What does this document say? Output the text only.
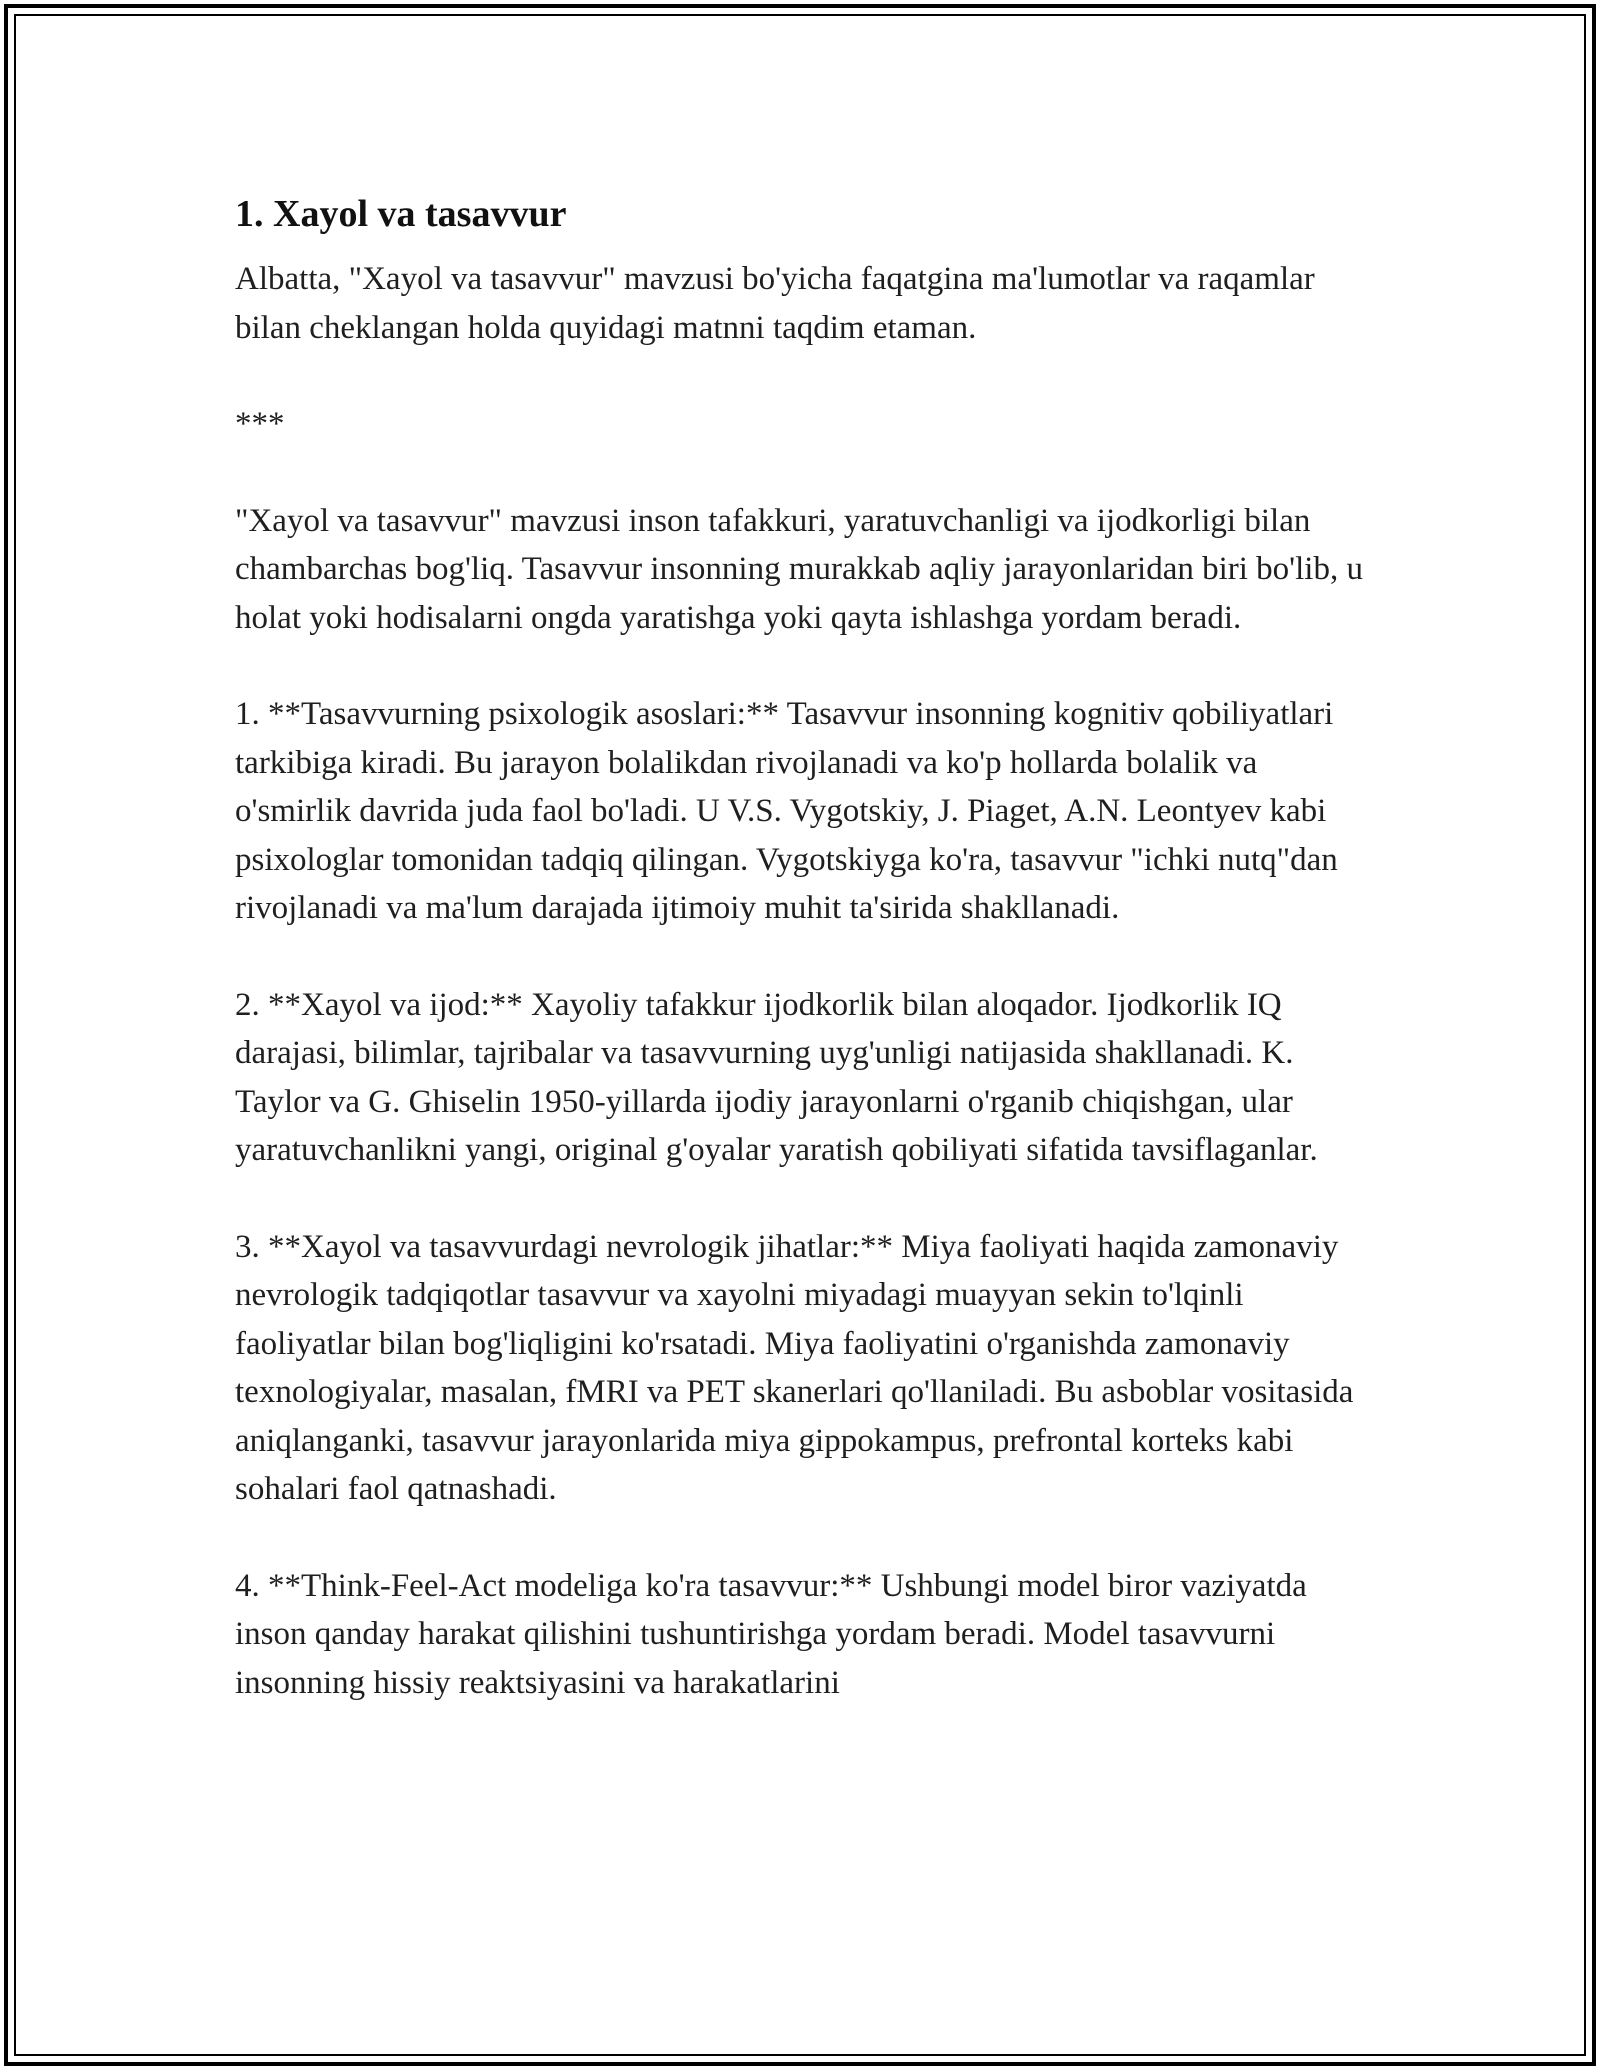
1. Xayol va tasavvur

Albatta, "Xayol va tasavvur" mavzusi bo'yicha faqatgina ma'lumotlar va raqamlar bilan cheklangan holda quyidagi matnni taqdim etaman.

***

"Xayol va tasavvur" mavzusi inson tafakkuri, yaratuvchanligi va ijodkorligi bilan chambarchas bog'liq. Tasavvur insonning murakkab aqliy jarayonlaridan biri bo'lib, u holat yoki hodisalarni ongda yaratishga yoki qayta ishlashga yordam beradi.

1. **Tasavvurning psixologik asoslari:** Tasavvur insonning kognitiv qobiliyatlari tarkibiga kiradi. Bu jarayon bolalikdan rivojlanadi va ko'p hollarda bolalik va o'smirlik davrida juda faol bo'ladi. U V.S. Vygotskiy, J. Piaget, A.N. Leontyev kabi psixologlar tomonidan tadqiq qilingan. Vygotskiyga ko'ra, tasavvur "ichki nutq"dan rivojlanadi va ma'lum darajada ijtimoiy muhit ta'sirida shakllanadi.

2. **Xayol va ijod:** Xayoliy tafakkur ijodkorlik bilan aloqador. Ijodkorlik IQ darajasi, bilimlar, tajribalar va tasavvurning uyg'unligi natijasida shakllanadi. K. Taylor va G. Ghiselin 1950-yillarda ijodiy jarayonlarni o'rganib chiqishgan, ular yaratuvchanlikni yangi, original g'oyalar yaratish qobiliyati sifatida tavsiflaganlar.

3. **Xayol va tasavvurdagi nevrologik jihatlar:** Miya faoliyati haqida zamonaviy nevrologik tadqiqotlar tasavvur va xayolni miyadagi muayyan sekin to'lqinli faoliyatlar bilan bog'liqligini ko'rsatadi. Miya faoliyatini o'rganishda zamonaviy texnologiyalar, masalan, fMRI va PET skanerlari qo'llaniladi. Bu asboblar vositasida aniqlanganki, tasavvur jarayonlarida miya gippokampus, prefrontal korteks kabi sohalari faol qatnashadi.

4. **Think-Feel-Act modeliga ko'ra tasavvur:** Ushbungi model biror vaziyatda inson qanday harakat qilishini tushuntirishga yordam beradi. Model tasavvurni insonning hissiy reaktsiyasini va harakatlarini
